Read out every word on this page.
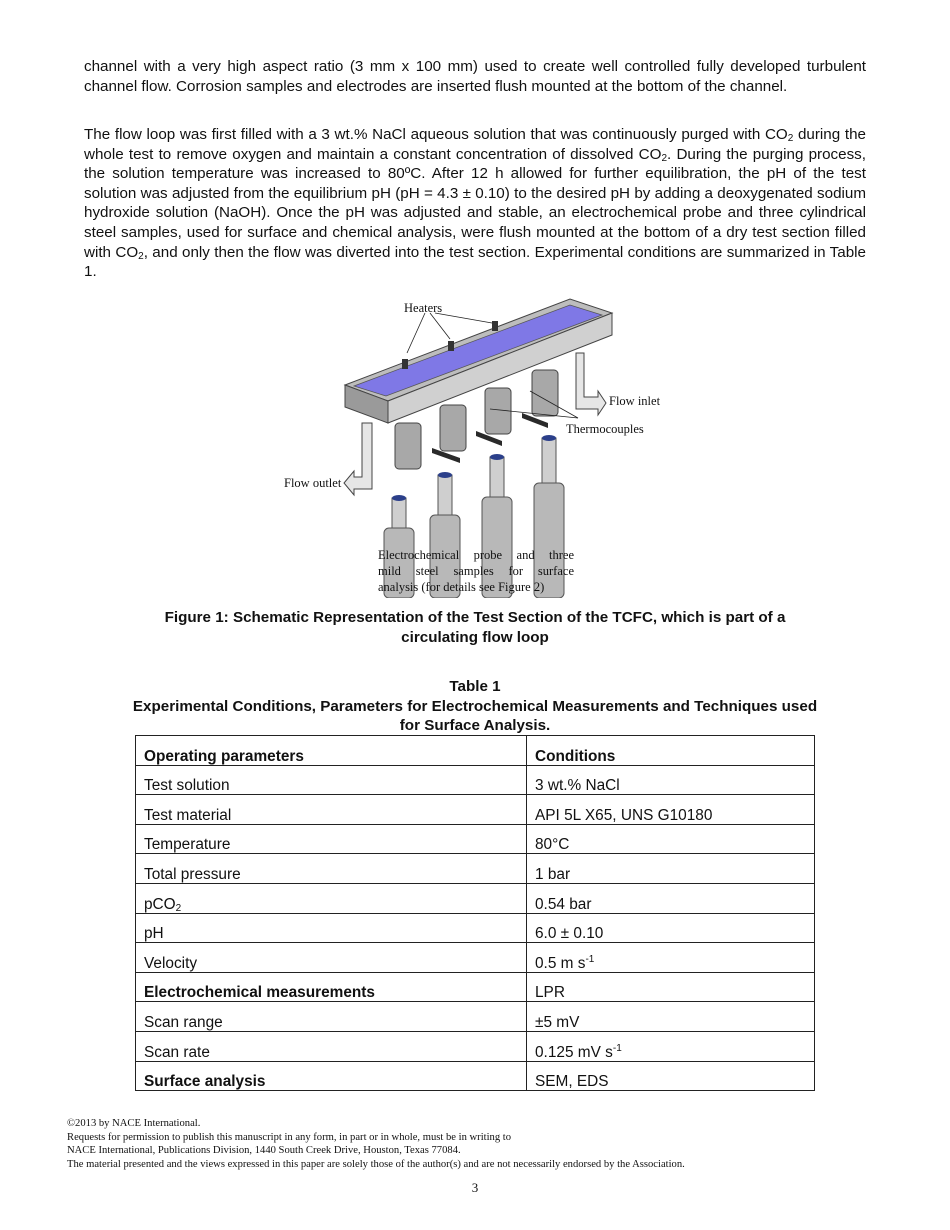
channel with a very high aspect ratio (3 mm x 100 mm) used to create well controlled fully developed turbulent channel flow. Corrosion samples and electrodes are inserted flush mounted at the bottom of the channel.

The flow loop was first filled with a 3 wt.% NaCl aqueous solution that was continuously purged with $CO_2$ during the whole test to remove oxygen and maintain a constant concentration of dissolved $CO_2$. During the purging process, the solution temperature was increased to 80ºC. After 12 h allowed for further equilibration, the pH of the test solution was adjusted from the equilibrium pH (pH = 4.3 ± 0.10) to the desired pH by adding a deoxygenated sodium hydroxide solution (NaOH). Once the pH was adjusted and stable, an electrochemical probe and three cylindrical steel samples, used for surface and chemical analysis, were flush mounted at the bottom of a dry test section filled with $CO_2$, and only then the flow was diverted into the test section. Experimental conditions are summarized in Table 1.

Heaters
Flow inlet
Thermocouples
Flow outlet
Electrochemical probe and three
mild steel samples for surface
analysis (for details see Figure 2)
Figure 1: Schematic Representation of the Test Section of the TCFC, which is part of a
circulating flow loop
Table 1
Experimental Conditions, Parameters for Electrochemical Measurements and Techniques used
for Surface Analysis.
Operating parameters	Conditions
Test solution	3 wt.% NaCl
Test material	API 5L X65, UNS G10180
Temperature	80°C
Total pressure	1 bar
pCO$_2$	0.54 bar
pH	6.0 ± 0.10
Velocity	0.5 m $s^{-1}$
Electrochemical measurements	LPR
Scan range	±5 mV
Scan rate	0.125 mV $s^{-1}$
Surface analysis	SEM, EDS
©2013 by NACE International.
Requests for permission to publish this manuscript in any form, in part or in whole, must be in writing to
NACE International, Publications Division, 1440 South Creek Drive, Houston, Texas 77084.
The material presented and the views expressed in this paper are solely those of the author(s) and are not necessarily endorsed by the Association.
3
